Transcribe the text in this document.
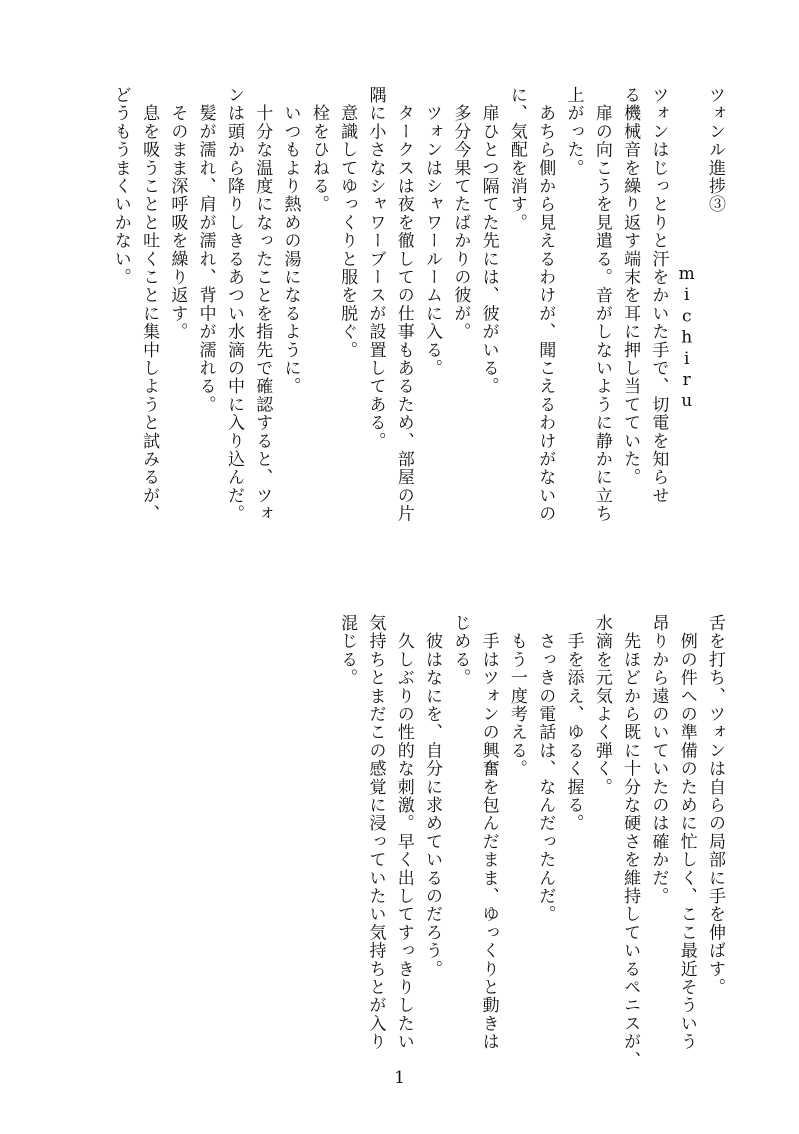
ツォンル進捗③
michiru
ツォンはじっとりと汗をかいた手で、切電を知らせ
る機械音を繰り返す端末を耳に押し当てていた。
　扉の向こうを見遣る。音がしないように静かに立ち
上がった。
　あちら側から見えるわけが、聞こえるわけがないの
に、気配を消す。
　扉ひとつ隔てた先には、彼がいる。
　多分今果てたばかりの彼が。
　ツォンはシャワールームに入る。
　タークスは夜を徹しての仕事もあるため、部屋の片
隅に小さなシャワーブースが設置してある。
　意識してゆっくりと服を脱ぐ。
　栓をひねる。
　いつもより熱めの湯になるように。
　十分な温度になったことを指先で確認すると、ツォ
ンは頭から降りしきるあつい水滴の中に入り込んだ。
　髪が濡れ、肩が濡れ、背中が濡れる。
　そのまま深呼吸を繰り返す。
　息を吸うことと吐くことに集中しようと試みるが、
どうもうまくいかない。
舌を打ち、ツォンは自らの局部に手を伸ばす。
　例の件への準備のために忙しく、ここ最近そういう
昂りから遠のいていたのは確かだ。
　先ほどから既に十分な硬さを維持しているペニスが、
水滴を元気よく弾く。
　手を添え、ゆるく握る。
　さっきの電話は、なんだったんだ。
　もう一度考える。
　手はツォンの興奮を包んだまま、ゆっくりと動きは
じめる。
　彼はなにを、自分に求めているのだろう。
　久しぶりの性的な刺激。早く出してすっきりしたい
気持ちとまだこの感覚に浸っていたい気持ちとが入り
混じる。
1
